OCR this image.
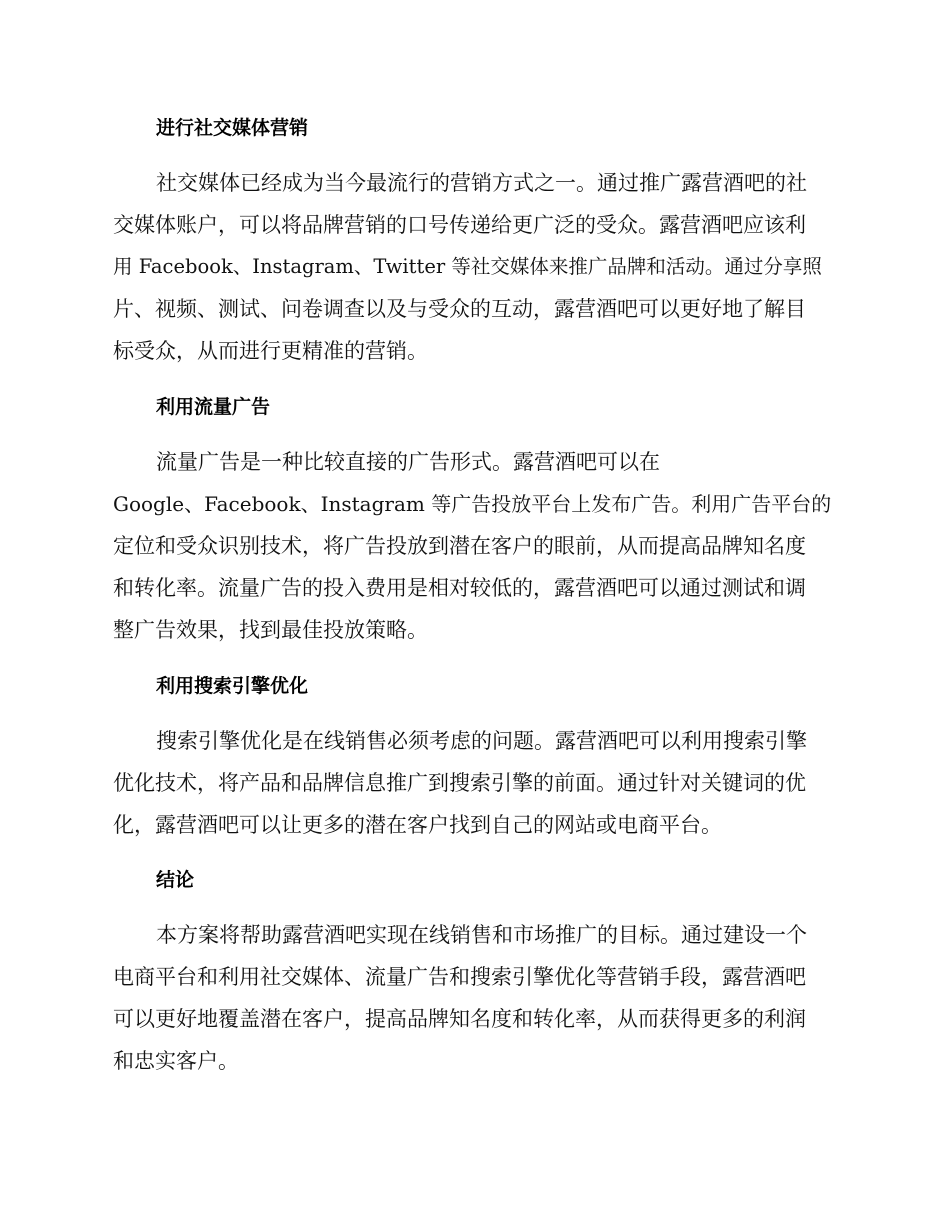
进行社交媒体营销

社交媒体已经成为当今最流行的营销方式之一。通过推广露营酒吧的社

交媒体账户，可以将品牌营销的口号传递给更广泛的受众。露营酒吧应该利

用 Facebook、Instagram、Twitter 等社交媒体来推广品牌和活动。通过分享照

片、视频、测试、问卷调查以及与受众的互动，露营酒吧可以更好地了解目

标受众，从而进行更精准的营销。

利用流量广告

流量广告是一种比较直接的广告形式。露营酒吧可以在

Google、Facebook、Instagram 等广告投放平台上发布广告。利用广告平台的

定位和受众识别技术，将广告投放到潜在客户的眼前，从而提高品牌知名度

和转化率。流量广告的投入费用是相对较低的，露营酒吧可以通过测试和调

整广告效果，找到最佳投放策略。

利用搜索引擎优化

搜索引擎优化是在线销售必须考虑的问题。露营酒吧可以利用搜索引擎

优化技术，将产品和品牌信息推广到搜索引擎的前面。通过针对关键词的优

化，露营酒吧可以让更多的潜在客户找到自己的网站或电商平台。

结论

本方案将帮助露营酒吧实现在线销售和市场推广的目标。通过建设一个

电商平台和利用社交媒体、流量广告和搜索引擎优化等营销手段，露营酒吧

可以更好地覆盖潜在客户，提高品牌知名度和转化率，从而获得更多的利润

和忠实客户。
